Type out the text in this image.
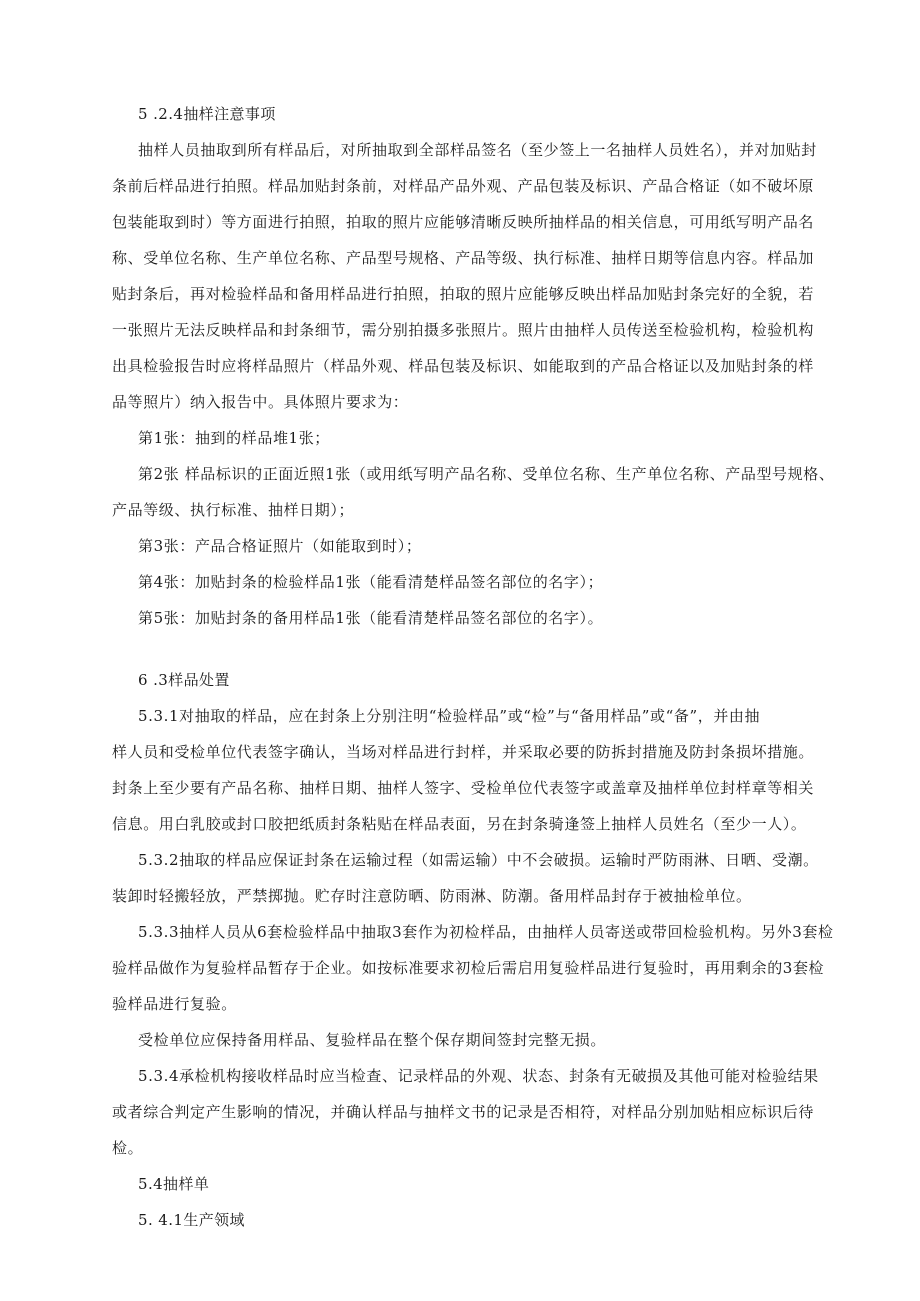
5 .2.4抽样注意事项
抽样人员抽取到所有样品后，对所抽取到全部样品签名（至少签上一名抽样人员姓名），并对加贴封
条前后样品进行拍照。样品加贴封条前，对样品产品外观、产品包装及标识、产品合格证（如不破坏原
包装能取到时）等方面进行拍照，拍取的照片应能够清晰反映所抽样品的相关信息，可用纸写明产品名
称、受单位名称、生产单位名称、产品型号规格、产品等级、执行标准、抽样日期等信息内容。样品加
贴封条后，再对检验样品和备用样品进行拍照，拍取的照片应能够反映出样品加贴封条完好的全貌，若
一张照片无法反映样品和封条细节，需分别拍摄多张照片。照片由抽样人员传送至检验机构，检验机构
出具检验报告时应将样品照片（样品外观、样品包装及标识、如能取到的产品合格证以及加贴封条的样
品等照片）纳入报告中。具体照片要求为：
第1张：抽到的样品堆1张；
第2张 样品标识的正面近照1张（或用纸写明产品名称、受单位名称、生产单位名称、产品型号规格、
产品等级、执行标准、抽样日期）；
第3张：产品合格证照片（如能取到时）；
第4张：加贴封条的检验样品1张（能看清楚样品签名部位的名字）；
第5张：加贴封条的备用样品1张（能看清楚样品签名部位的名字）。
6 .3样品处置
5.3.1对抽取的样品，应在封条上分别注明“检验样品”或“检”与“备用样品”或“备”，并由抽
样人员和受检单位代表签字确认，当场对样品进行封样，并采取必要的防拆封措施及防封条损坏措施。
封条上至少要有产品名称、抽样日期、抽样人签字、受检单位代表签字或盖章及抽样单位封样章等相关
信息。用白乳胶或封口胶把纸质封条粘贴在样品表面，另在封条骑逢签上抽样人员姓名（至少一人）。
5.3.2抽取的样品应保证封条在运输过程（如需运输）中不会破损。运输时严防雨淋、日晒、受潮。
装卸时轻搬轻放，严禁掷抛。贮存时注意防晒、防雨淋、防潮。备用样品封存于被抽检单位。
5.3.3抽样人员从6套检验样品中抽取3套作为初检样品，由抽样人员寄送或带回检验机构。另外3套检
验样品做作为复验样品暂存于企业。如按标准要求初检后需启用复验样品进行复验时，再用剩余的3套检
验样品进行复验。
受检单位应保持备用样品、复验样品在整个保存期间签封完整无损。
5.3.4承检机构接收样品时应当检查、记录样品的外观、状态、封条有无破损及其他可能对检验结果
或者综合判定产生影响的情况，并确认样品与抽样文书的记录是否相符，对样品分别加贴相应标识后待
检。
5.4抽样单
5. 4.1生产领域
